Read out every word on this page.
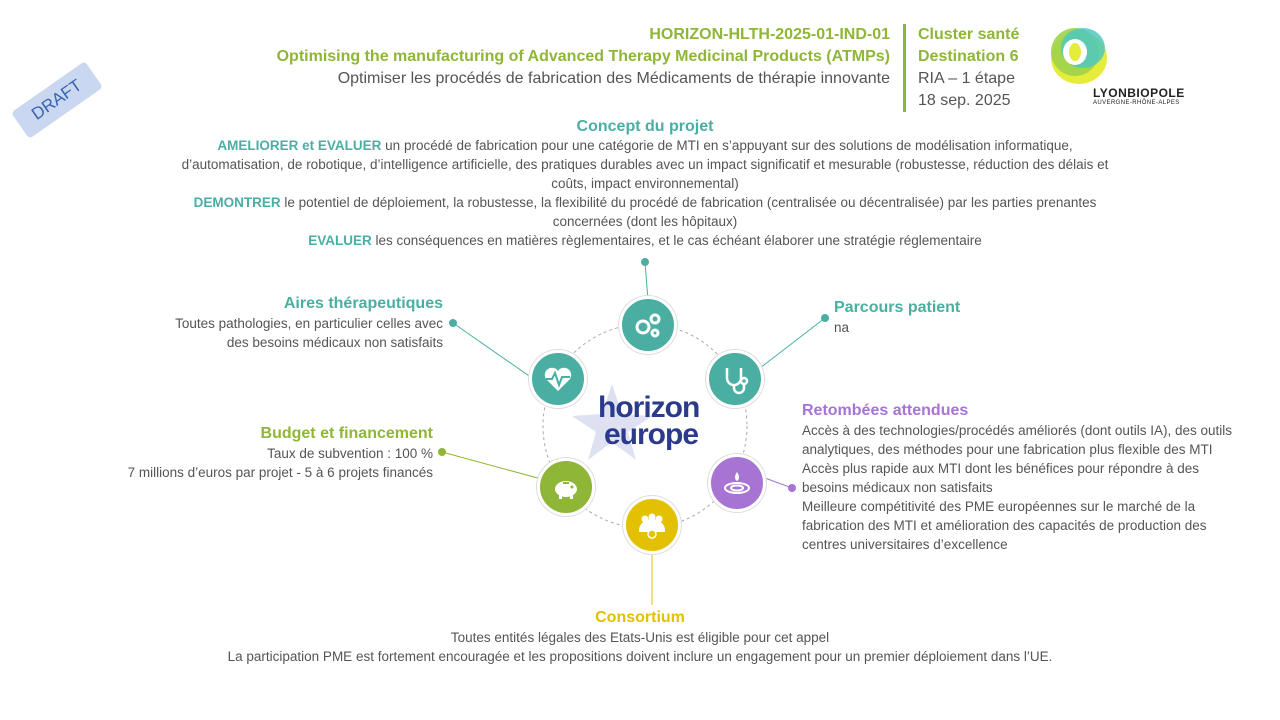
HORIZON-HLTH-2025-01-IND-01
Optimising the manufacturing of Advanced Therapy Medicinal Products (ATMPs)
Optimiser les procédés de fabrication des Médicaments de thérapie innovante
Cluster santé
Destination 6
RIA – 1 étape
18 sep. 2025
DRAFT	LYONBIOPOLE
AUVERGNE-RHÔNE-ALPES
Concept du projet
AMELIORER et EVALUER un procédé de fabrication pour une catégorie de MTI en s’appuyant sur des solutions de modélisation informatique, d’automatisation, de robotique, d’intelligence artificielle, des pratiques durables avec un impact significatif et mesurable (robustesse, réduction des délais et coûts, impact environnemental)
DEMONTRER le potentiel de déploiement, la robustesse, la flexibilité du procédé de fabrication (centralisée ou décentralisée) par les parties prenantes concernées (dont les hôpitaux)
EVALUER les conséquences en matières règlementaires, et le cas échéant élaborer une stratégie réglementaire
horizon
europe
Aires thérapeutiques
Toutes pathologies, en particulier celles avec
des besoins médicaux non satisfaits
Budget et financement
Taux de subvention : 100 %
7 millions d’euros par projet - 5 à 6 projets financés
Parcours patient
na
Retombées attendues
Accès à des technologies/procédés améliorés (dont outils IA), des outils analytiques, des méthodes pour une fabrication plus flexible des MTI
Accès plus rapide aux MTI dont les bénéfices pour répondre à des besoins médicaux non satisfaits
Meilleure compétitivité des PME européennes sur le marché de la fabrication des MTI et amélioration des capacités de production des centres universitaires d’excellence
Consortium
Toutes entités légales des Etats-Unis est éligible pour cet appel
La participation PME est fortement encouragée et les propositions doivent inclure un engagement pour un premier déploiement dans l’UE.
